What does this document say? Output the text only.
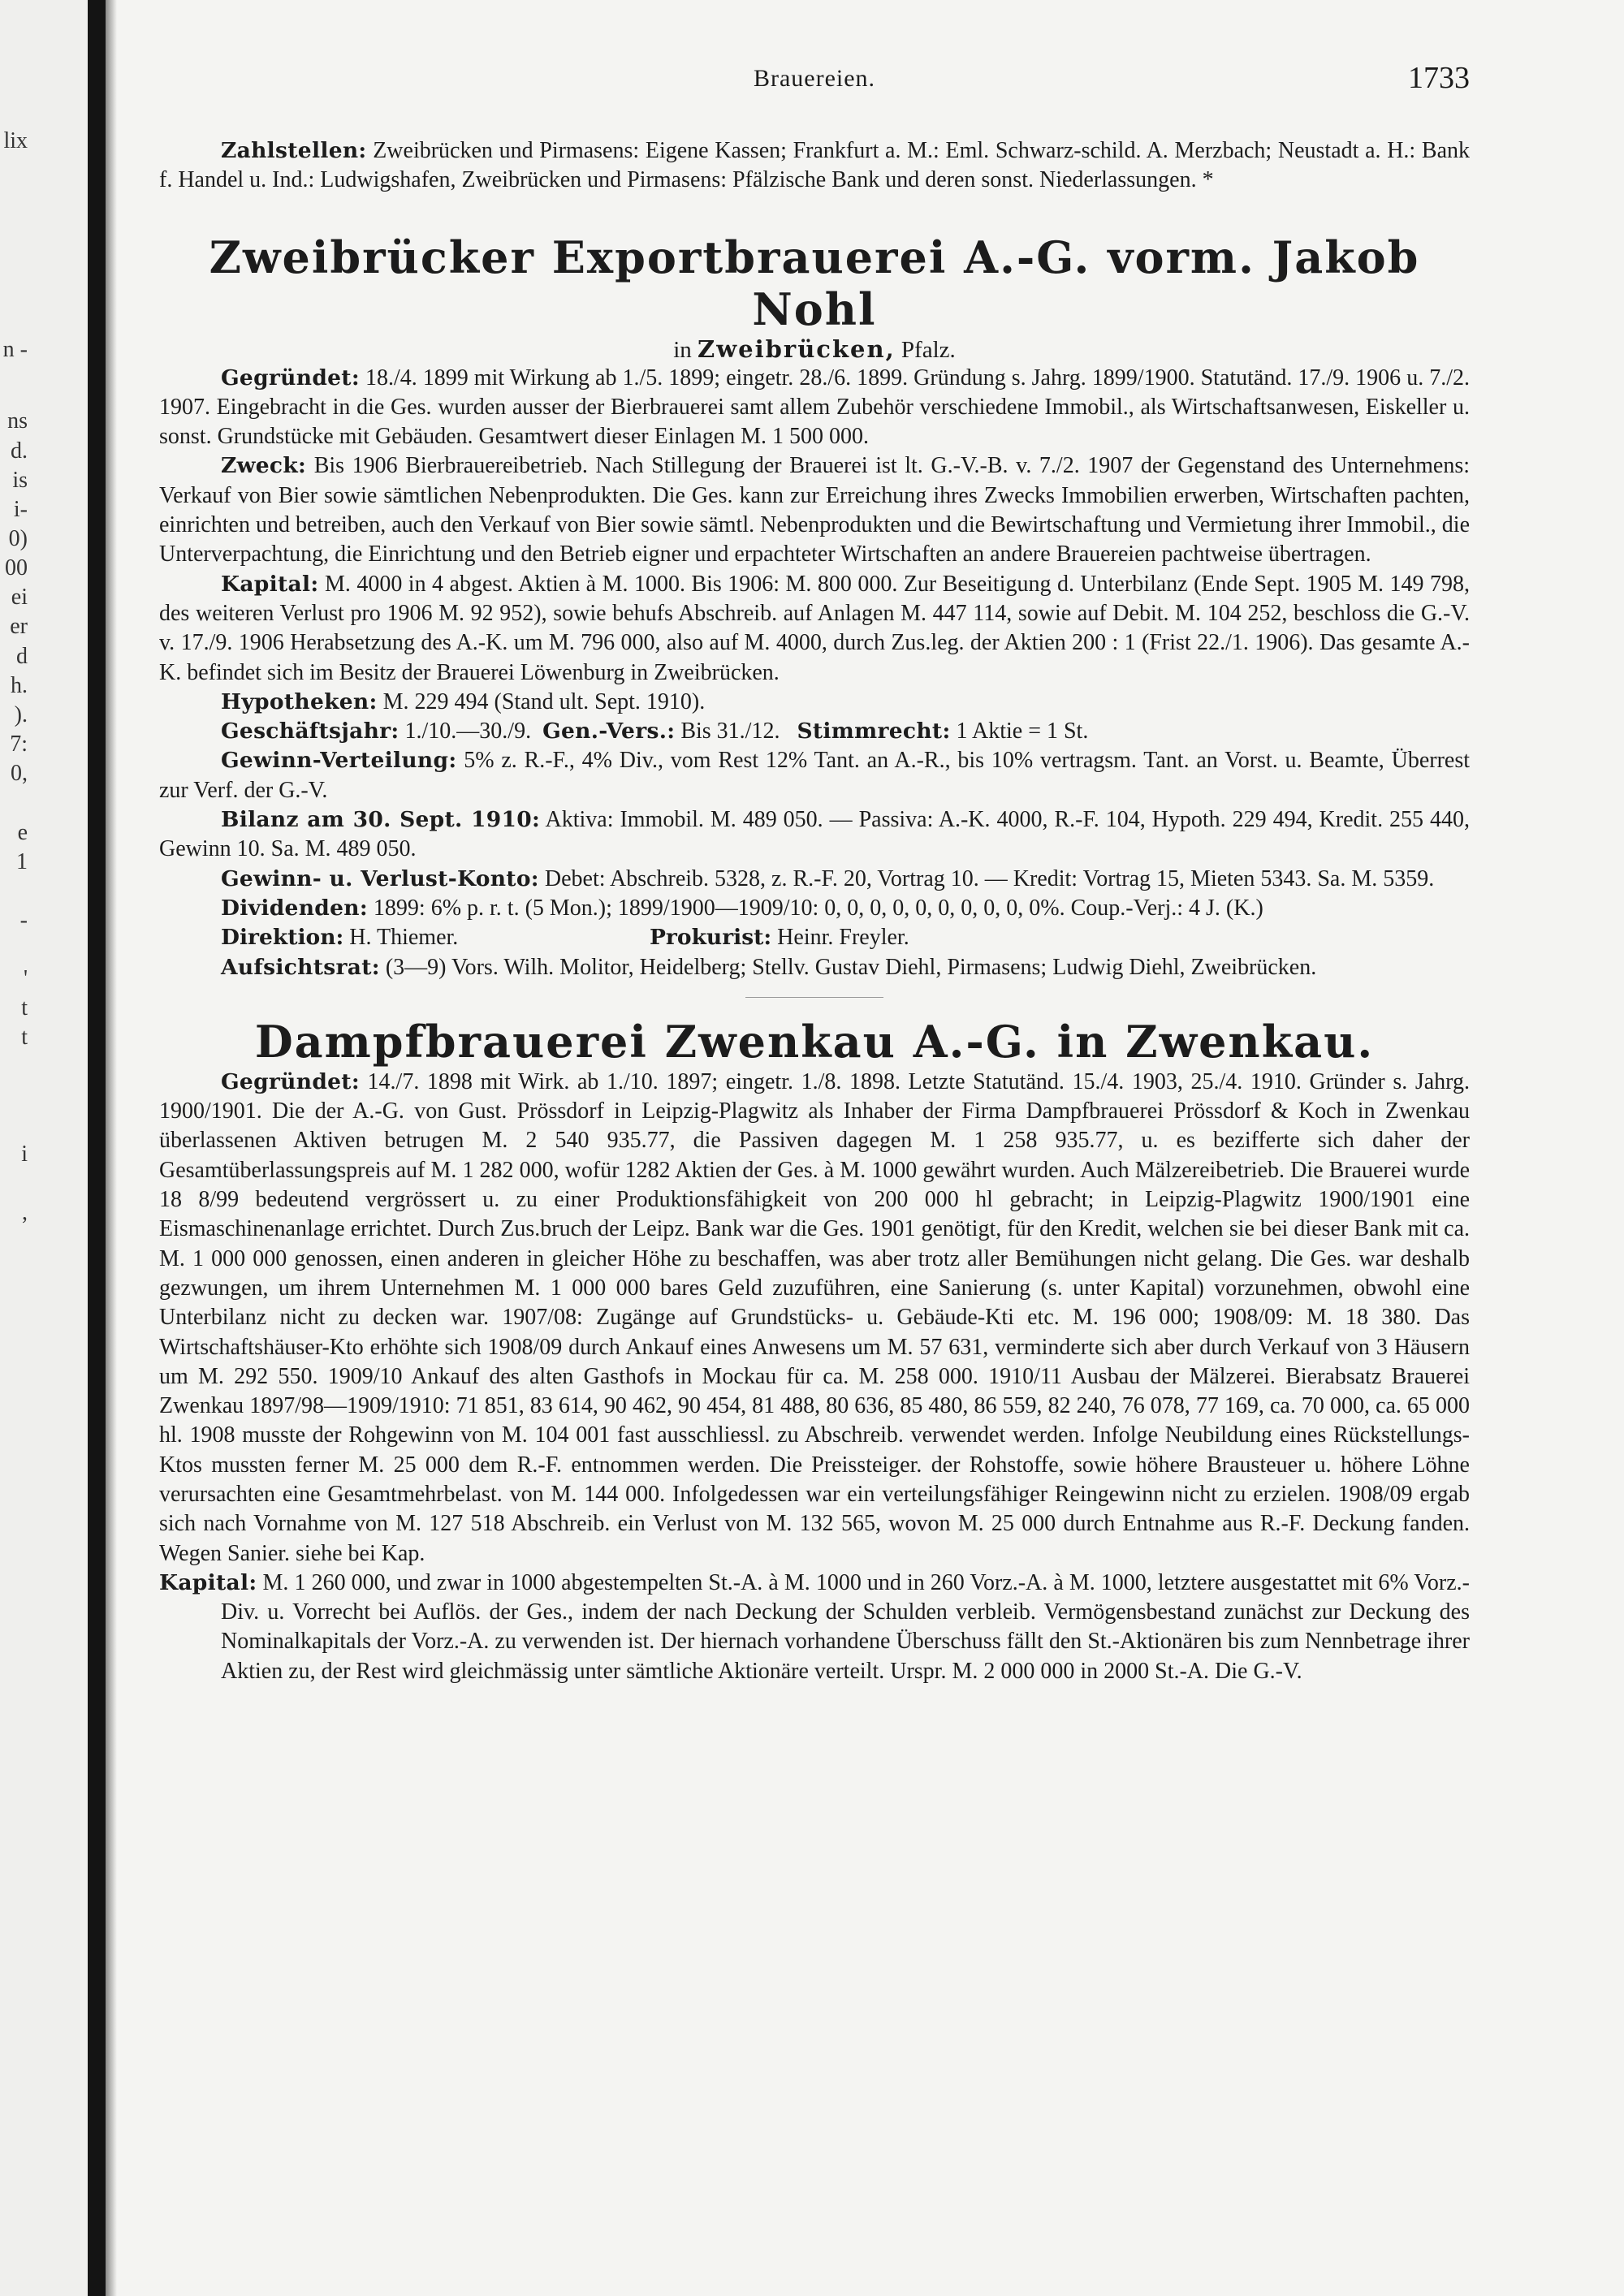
lix
n -
ns
d.
is
i-
0)
00
ei
er
d
h.
).
7:
0,
e
1
-
'
t
t
i
,
Brauereien.	1733

Zahlstellen: Zweibrücken und Pirmasens: Eigene Kassen; Frankfurt a. M.: Eml. Schwarz-schild. A. Merzbach; Neustadt a. H.: Bank f. Handel u. Ind.: Ludwigshafen, Zweibrücken und Pirmasens: Pfälzische Bank und deren sonst. Niederlassungen. *

Zweibrücker Exportbrauerei A.-G. vorm. Jakob Nohl

in Zweibrücken, Pfalz.

Gegründet: 18./4. 1899 mit Wirkung ab 1./5. 1899; eingetr. 28./6. 1899. Gründung s. Jahrg. 1899/1900. Statutänd. 17./9. 1906 u. 7./2. 1907. Eingebracht in die Ges. wurden ausser der Bierbrauerei samt allem Zubehör verschiedene Immobil., als Wirtschaftsanwesen, Eiskeller u. sonst. Grundstücke mit Gebäuden. Gesamtwert dieser Einlagen M. 1 500 000.

Zweck: Bis 1906 Bierbrauereibetrieb. Nach Stillegung der Brauerei ist lt. G.-V.-B. v. 7./2. 1907 der Gegenstand des Unternehmens: Verkauf von Bier sowie sämtlichen Nebenprodukten. Die Ges. kann zur Erreichung ihres Zwecks Immobilien erwerben, Wirtschaften pachten, einrichten und betreiben, auch den Verkauf von Bier sowie sämtl. Nebenprodukten und die Bewirtschaftung und Vermietung ihrer Immobil., die Unterverpachtung, die Einrichtung und den Betrieb eigner und erpachteter Wirtschaften an andere Brauereien pachtweise übertragen.

Kapital: M. 4000 in 4 abgest. Aktien à M. 1000. Bis 1906: M. 800 000. Zur Beseitigung d. Unterbilanz (Ende Sept. 1905 M. 149 798, des weiteren Verlust pro 1906 M. 92 952), sowie behufs Abschreib. auf Anlagen M. 447 114, sowie auf Debit. M. 104 252, beschloss die G.-V. v. 17./9. 1906 Herabsetzung des A.-K. um M. 796 000, also auf M. 4000, durch Zus.leg. der Aktien 200 : 1 (Frist 22./1. 1906). Das gesamte A.-K. befindet sich im Besitz der Brauerei Löwenburg in Zweibrücken.

Hypotheken: M. 229 494 (Stand ult. Sept. 1910).

Geschäftsjahr: 1./10.—30./9. Gen.-Vers.: Bis 31./12. Stimmrecht: 1 Aktie = 1 St.

Gewinn-Verteilung: 5% z. R.-F., 4% Div., vom Rest 12% Tant. an A.-R., bis 10% vertragsm. Tant. an Vorst. u. Beamte, Überrest zur Verf. der G.-V.

Bilanz am 30. Sept. 1910: Aktiva: Immobil. M. 489 050. — Passiva: A.-K. 4000, R.-F. 104, Hypoth. 229 494, Kredit. 255 440, Gewinn 10. Sa. M. 489 050.

Gewinn- u. Verlust-Konto: Debet: Abschreib. 5328, z. R.-F. 20, Vortrag 10. — Kredit: Vortrag 15, Mieten 5343. Sa. M. 5359.

Dividenden: 1899: 6% p. r. t. (5 Mon.); 1899/1900—1909/10: 0, 0, 0, 0, 0, 0, 0, 0, 0, 0%. Coup.-Verj.: 4 J. (K.)

Direktion: H. Thiemer.	Prokurist: Heinr. Freyler.

Aufsichtsrat: (3—9) Vors. Wilh. Molitor, Heidelberg; Stellv. Gustav Diehl, Pirmasens; Ludwig Diehl, Zweibrücken.

Dampfbrauerei Zwenkau A.-G. in Zwenkau.

Gegründet: 14./7. 1898 mit Wirk. ab 1./10. 1897; eingetr. 1./8. 1898. Letzte Statutänd. 15./4. 1903, 25./4. 1910. Gründer s. Jahrg. 1900/1901. Die der A.-G. von Gust. Prössdorf in Leipzig-Plagwitz als Inhaber der Firma Dampfbrauerei Prössdorf & Koch in Zwenkau überlassenen Aktiven betrugen M. 2 540 935.77, die Passiven dagegen M. 1 258 935.77, u. es bezifferte sich daher der Gesamtüberlassungspreis auf M. 1 282 000, wofür 1282 Aktien der Ges. à M. 1000 gewährt wurden. Auch Mälzereibetrieb. Die Brauerei wurde 18 8/99 bedeutend vergrössert u. zu einer Produktionsfähigkeit von 200 000 hl gebracht; in Leipzig-Plagwitz 1900/1901 eine Eismaschinenanlage errichtet. Durch Zus.bruch der Leipz. Bank war die Ges. 1901 genötigt, für den Kredit, welchen sie bei dieser Bank mit ca. M. 1 000 000 genossen, einen anderen in gleicher Höhe zu beschaffen, was aber trotz aller Bemühungen nicht gelang. Die Ges. war deshalb gezwungen, um ihrem Unternehmen M. 1 000 000 bares Geld zuzuführen, eine Sanierung (s. unter Kapital) vorzunehmen, obwohl eine Unterbilanz nicht zu decken war. 1907/08: Zugänge auf Grundstücks- u. Gebäude-Kti etc. M. 196 000; 1908/09: M. 18 380. Das Wirtschaftshäuser-Kto erhöhte sich 1908/09 durch Ankauf eines Anwesens um M. 57 631, verminderte sich aber durch Verkauf von 3 Häusern um M. 292 550. 1909/10 Ankauf des alten Gasthofs in Mockau für ca. M. 258 000. 1910/11 Ausbau der Mälzerei. Bierabsatz Brauerei Zwenkau 1897/98—1909/1910: 71 851, 83 614, 90 462, 90 454, 81 488, 80 636, 85 480, 86 559, 82 240, 76 078, 77 169, ca. 70 000, ca. 65 000 hl. 1908 musste der Rohgewinn von M. 104 001 fast ausschliessl. zu Abschreib. verwendet werden. Infolge Neubildung eines Rückstellungs-Ktos mussten ferner M. 25 000 dem R.-F. entnommen werden. Die Preissteiger. der Rohstoffe, sowie höhere Brausteuer u. höhere Löhne verursachten eine Gesamtmehrbelast. von M. 144 000. Infolgedessen war ein verteilungsfähiger Reingewinn nicht zu erzielen. 1908/09 ergab sich nach Vornahme von M. 127 518 Abschreib. ein Verlust von M. 132 565, wovon M. 25 000 durch Entnahme aus R.-F. Deckung fanden. Wegen Sanier. siehe bei Kap.

Kapital: M. 1 260 000, und zwar in 1000 abgestempelten St.-A. à M. 1000 und in 260 Vorz.-A. à M. 1000, letztere ausgestattet mit 6% Vorz.-Div. u. Vorrecht bei Auflös. der Ges., indem der nach Deckung der Schulden verbleib. Vermögensbestand zunächst zur Deckung des Nominalkapitals der Vorz.-A. zu verwenden ist. Der hiernach vorhandene Überschuss fällt den St.-Aktionären bis zum Nennbetrage ihrer Aktien zu, der Rest wird gleichmässig unter sämtliche Aktionäre verteilt. Urspr. M. 2 000 000 in 2000 St.-A. Die G.-V.
